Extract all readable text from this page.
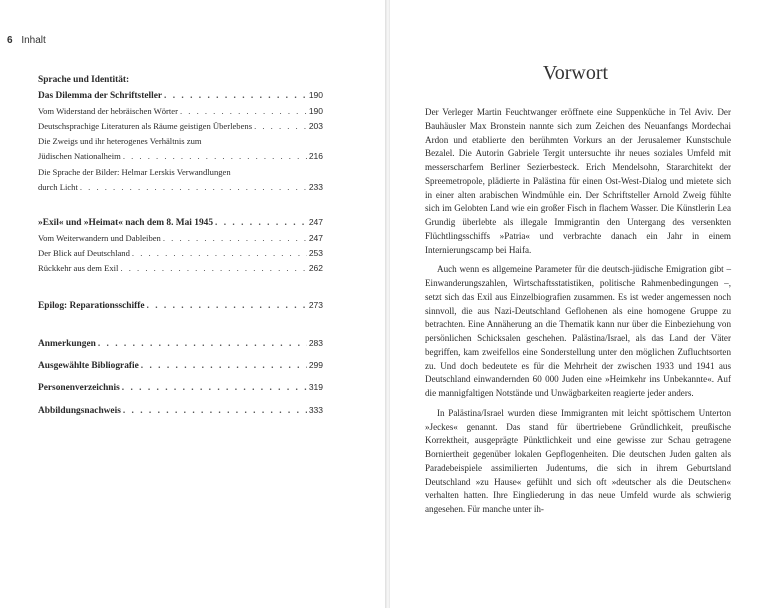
6 Inhalt
Sprache und Identität:
Das Dilemma der Schriftsteller . . .	190
Vom Widerstand der hebräischen Wörter . . .	190
Deutschsprachige Literaturen als Räume geistigen Überlebens . . .	203
Die Zweigs und ihr heterogenes Verhältnis zum
Jüdischen Nationalheim . . .	216
Die Sprache der Bilder: Helmar Lerskis Verwandlungen
durch Licht . . .	233
»Exil« und »Heimat« nach dem 8. Mai 1945 . . .	247
Vom Weiterwandern und Dableiben . . .	247
Der Blick auf Deutschland . . .	253
Rückkehr aus dem Exil . . .	262
Epilog: Reparationsschiffe . . .	273
Anmerkungen . . .	283
Ausgewählte Bibliografie . . .	299
Personenverzeichnis . . .	319
Abbildungsnachweis . . .	333
Vorwort

Der Verleger Martin Feuchtwanger eröffnete eine Suppenküche in Tel Aviv. Der Bauhäusler Max Bronstein nannte sich zum Zeichen des Neuanfangs Mordechai Ardon und etablierte den berühmten Vorkurs an der Jerusalemer Kunstschule Bezalel. Die Autorin Gabriele Tergit untersuchte ihr neues soziales Umfeld mit messerscharfem Berliner Sezierbesteck. Erich Mendelsohn, Stararchitekt der Spreemetropole, plädierte in Palästina für einen Ost-West-Dialog und mietete sich in einer alten arabischen Windmühle ein. Der Schriftsteller Arnold Zweig fühlte sich im Gelobten Land wie ein großer Fisch in flachem Wasser. Die Künstlerin Lea Grundig überlebte als illegale Immigrantin den Untergang des versenkten Flüchtlingsschiffs »Patria« und verbrachte danach ein Jahr in einem Internierungscamp bei Haifa.

Auch wenn es allgemeine Parameter für die deutsch-jüdische Emigration gibt – Einwanderungszahlen, Wirtschaftsstatistiken, politische Rahmenbedingungen –, setzt sich das Exil aus Einzelbiografien zusammen. Es ist weder angemessen noch sinnvoll, die aus Nazi-Deutschland Geflohenen als eine homogene Gruppe zu betrachten. Eine Annäherung an die Thematik kann nur über die Einbeziehung von persönlichen Schicksalen geschehen. Palästina/Israel, als das Land der Väter begriffen, kam zweifellos eine Sonderstellung unter den möglichen Zufluchtsorten zu. Und doch bedeutete es für die Mehrheit der zwischen 1933 und 1941 aus Deutschland einwandernden 60 000 Juden eine »Heimkehr ins Unbekannte«. Auf die mannigfaltigen Notstände und Unwägbarkeiten reagierte jeder anders.

In Palästina/Israel wurden diese Immigranten mit leicht spöttischem Unterton »Jeckes« genannt. Das stand für übertriebene Gründlichkeit, preußische Korrektheit, ausgeprägte Pünktlichkeit und eine gewisse zur Schau getragene Borniertheit gegenüber lokalen Gepflogenheiten. Die deutschen Juden galten als Paradebeispiele assimilierten Judentums, die sich in ihrem Geburtsland Deutschland »zu Hause« gefühlt und sich oft »deutscher als die Deutschen« verhalten hatten. Ihre Eingliederung in das neue Umfeld wurde als schwierig angesehen. Für manche unter ih-
